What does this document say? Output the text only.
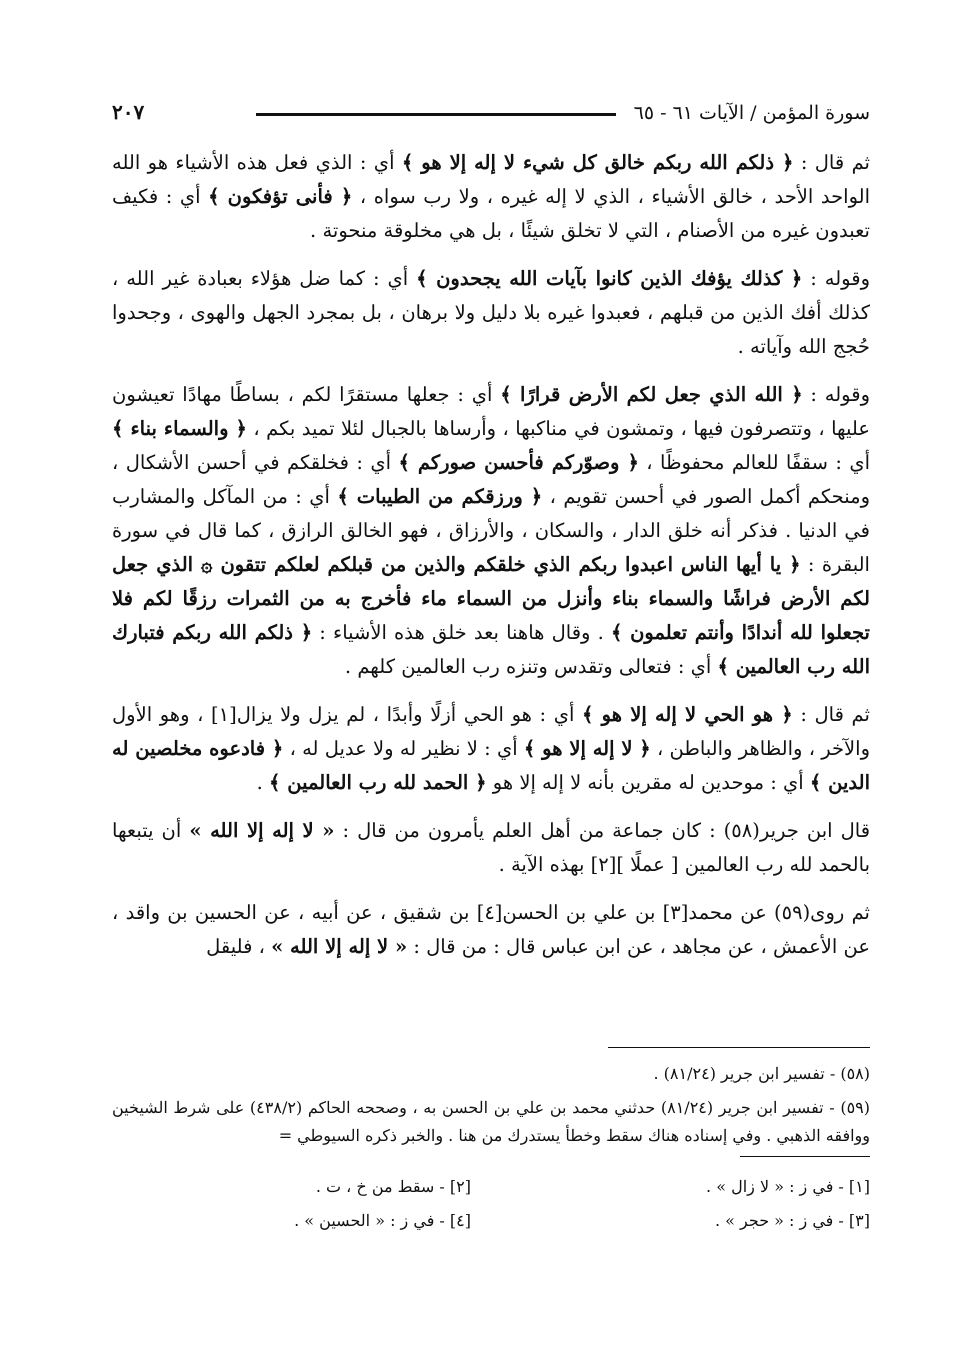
سورة المؤمن / الآيات ٦١ - ٦٥
٢٠٧

ثم قال : ﴿ ذلكم الله ربكم خالق كل شيء لا إله إلا هو ﴾ أي : الذي فعل هذه الأشياء هو الله الواحد الأحد ، خالق الأشياء ، الذي لا إله غيره ، ولا رب سواه ، ﴿ فأنى تؤفكون ﴾ أي : فكيف تعبدون غيره من الأصنام ، التي لا تخلق شيئًا ، بل هي مخلوقة منحوتة .

وقوله : ﴿ كذلك يؤفك الذين كانوا بآيات الله يجحدون ﴾ أي : كما ضل هؤلاء بعبادة غير الله ، كذلك أفك الذين من قبلهم ، فعبدوا غيره بلا دليل ولا برهان ، بل بمجرد الجهل والهوى ، وجحدوا حُجج الله وآياته .

وقوله : ﴿ الله الذي جعل لكم الأرض قرارًا ﴾ أي : جعلها مستقرًا لكم ، بساطًا مهادًا تعيشون عليها ، وتتصرفون فيها ، وتمشون في مناكبها ، وأرساها بالجبال لئلا تميد بكم ، ﴿ والسماء بناء ﴾ أي : سقفًا للعالم محفوظًا ، ﴿ وصوّركم فأحسن صوركم ﴾ أي : فخلقكم في أحسن الأشكال ، ومنحكم أكمل الصور في أحسن تقويم ، ﴿ ورزقكم من الطيبات ﴾ أي : من المآكل والمشارب في الدنيا . فذكر أنه خلق الدار ، والسكان ، والأرزاق ، فهو الخالق الرازق ، كما قال في سورة البقرة : ﴿ يا أيها الناس اعبدوا ربكم الذي خلقكم والذين من قبلكم لعلكم تتقون ۞ الذي جعل لكم الأرض فراشًا والسماء بناء وأنزل من السماء ماء فأخرج به من الثمرات رزقًا لكم فلا تجعلوا لله أندادًا وأنتم تعلمون ﴾ . وقال هاهنا بعد خلق هذه الأشياء : ﴿ ذلكم الله ربكم فتبارك الله رب العالمين ﴾ أي : فتعالى وتقدس وتنزه رب العالمين كلهم .

ثم قال : ﴿ هو الحي لا إله إلا هو ﴾ أي : هو الحي أزلًا وأبدًا ، لم يزل ولا يزال[١] ، وهو الأول والآخر ، والظاهر والباطن ، ﴿ لا إله إلا هو ﴾ أي : لا نظير له ولا عديل له ، ﴿ فادعوه مخلصين له الدين ﴾ أي : موحدين له مقرين بأنه لا إله إلا هو ﴿ الحمد لله رب العالمين ﴾ .

قال ابن جرير(٥٨) : كان جماعة من أهل العلم يأمرون من قال : « لا إله إلا الله » أن يتبعها بالحمد لله رب العالمين [ عملًا ][٢] بهذه الآية .

ثم روى(٥٩) عن محمد[٣] بن علي بن الحسن[٤] بن شقيق ، عن أبيه ، عن الحسين بن واقد ، عن الأعمش ، عن مجاهد ، عن ابن عباس قال : من قال : « لا إله إلا الله » ، فليقل

(٥٨) - تفسير ابن جرير (٨١/٢٤) .

(٥٩) - تفسير ابن جرير (٨١/٢٤) حدثني محمد بن علي بن الحسن به ، وصححه الحاكم (٤٣٨/٢) على شرط الشيخين ووافقه الذهبي . وفي إسناده هناك سقط وخطأ يستدرك من هنا . والخبر ذكره السيوطي =

[١] - في ز : « لا زال » .
[٢] - سقط من خ ، ت .
[٣] - في ز : « حجر » .
[٤] - في ز : « الحسين » .
